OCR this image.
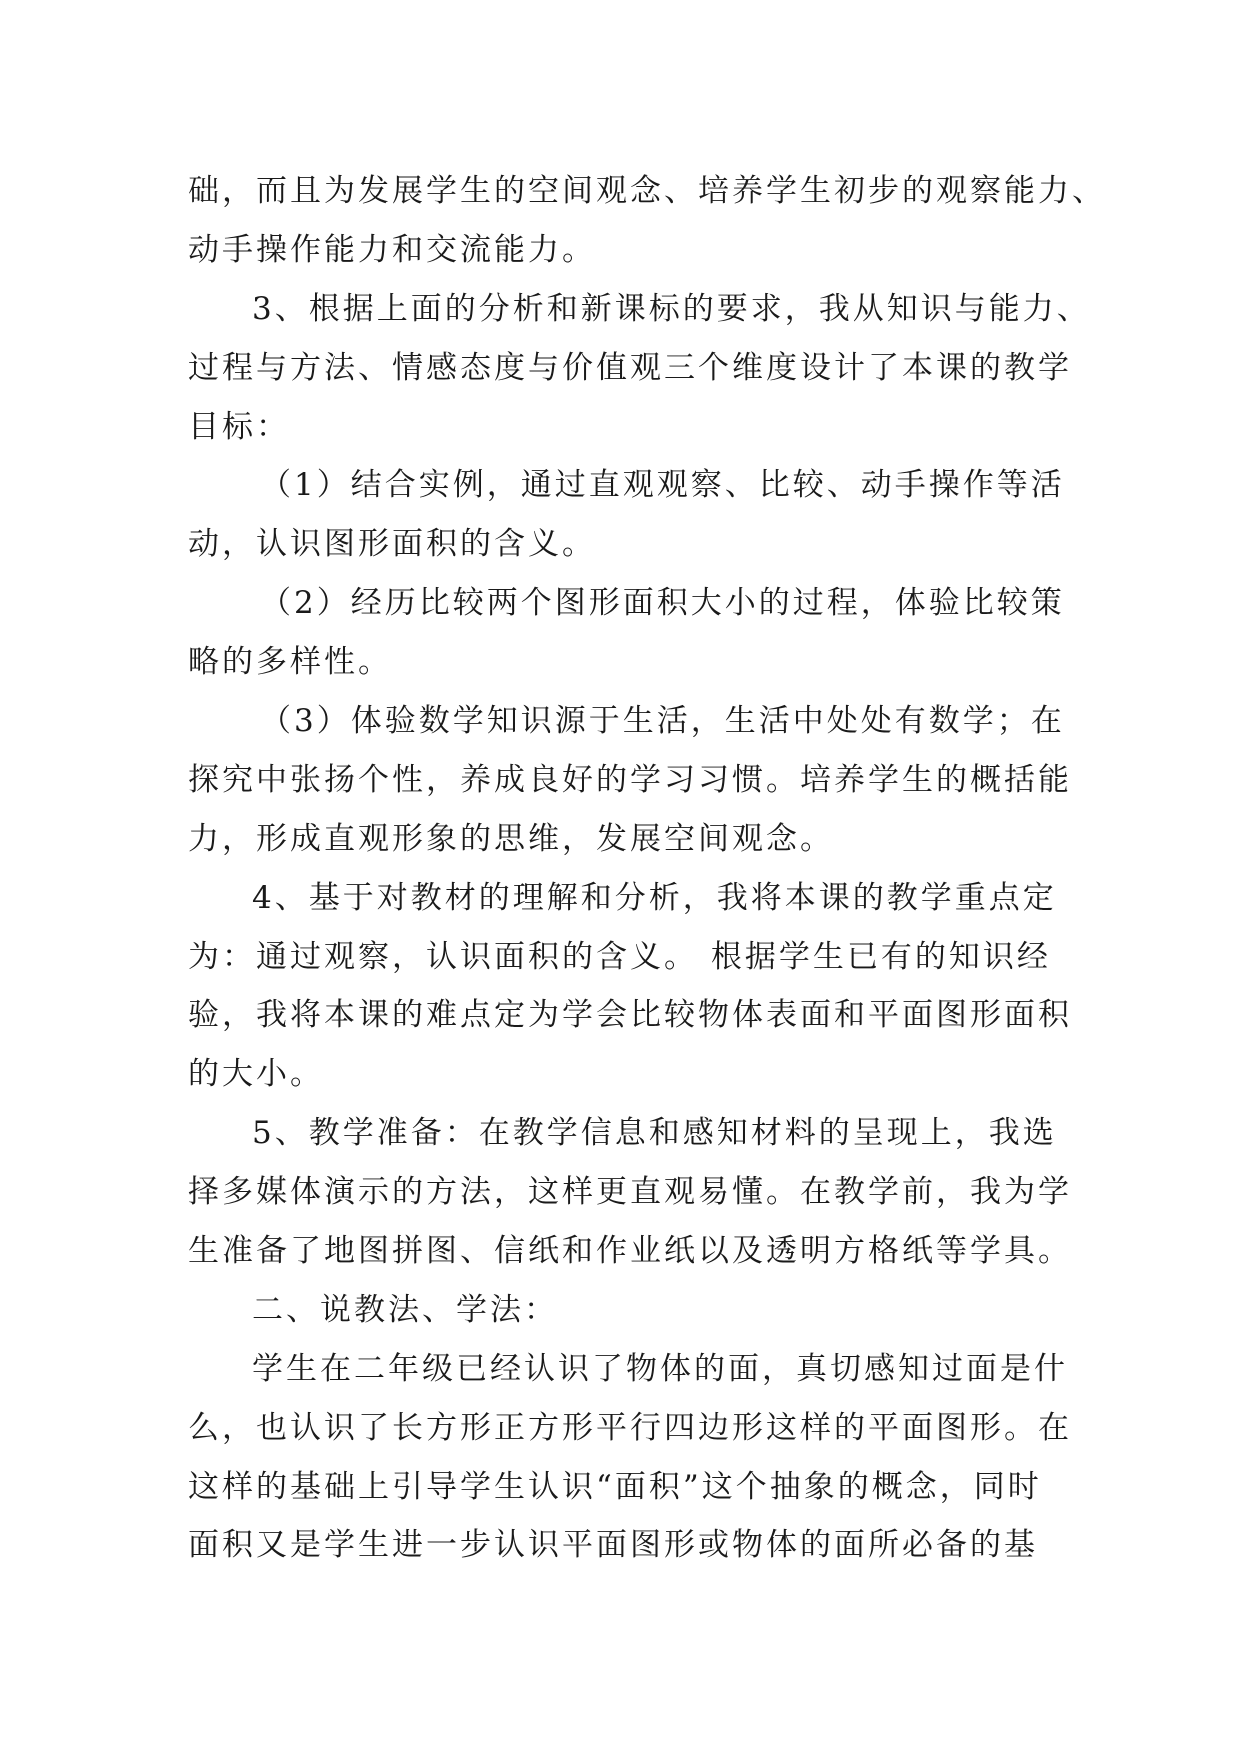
础，而且为发展学生的空间观念、培养学生初步的观察能力、
动手操作能力和交流能力。
3、根据上面的分析和新课标的要求，我从知识与能力、
过程与方法、情感态度与价值观三个维度设计了本课的教学
目标：
（1）结合实例，通过直观观察、比较、动手操作等活
动，认识图形面积的含义。
（2）经历比较两个图形面积大小的过程，体验比较策
略的多样性。
（3）体验数学知识源于生活，生活中处处有数学；在
探究中张扬个性，养成良好的学习习惯。培养学生的概括能
力，形成直观形象的思维，发展空间观念。
4、基于对教材的理解和分析，我将本课的教学重点定
为：通过观察，认识面积的含义。 根据学生已有的知识经
验，我将本课的难点定为学会比较物体表面和平面图形面积
的大小。
5、教学准备：在教学信息和感知材料的呈现上，我选
择多媒体演示的方法，这样更直观易懂。在教学前，我为学
生准备了地图拼图、信纸和作业纸以及透明方格纸等学具。
二、说教法、学法：
学生在二年级已经认识了物体的面，真切感知过面是什
么，也认识了长方形正方形平行四边形这样的平面图形。在
这样的基础上引导学生认识“面积”这个抽象的概念，同时
面积又是学生进一步认识平面图形或物体的面所必备的基
